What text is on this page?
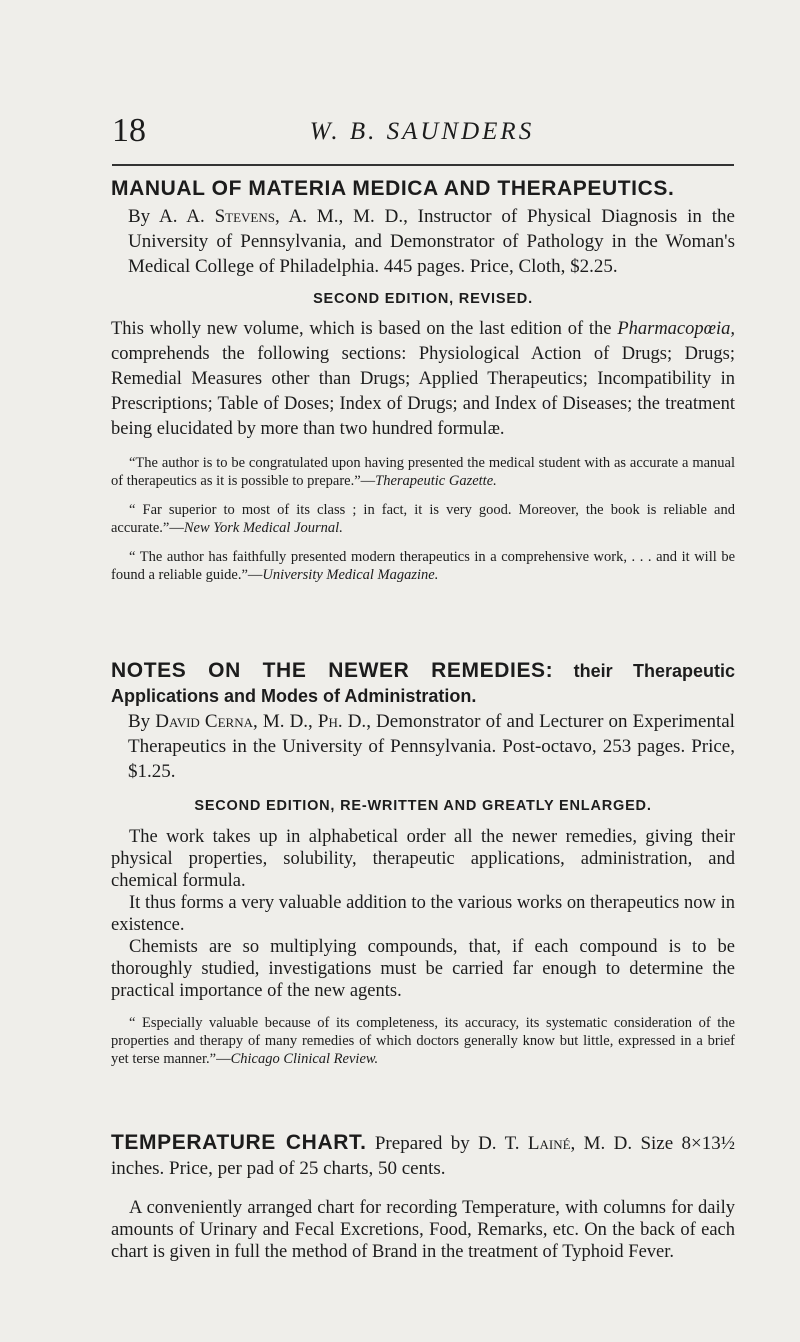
18	W. B. SAUNDERS

MANUAL OF MATERIA MEDICA AND THERAPEUTICS.
By A. A. Stevens, A. M., M. D., Instructor of Physical Diagnosis in the University of Pennsylvania, and Demonstrator of Pathology in the Woman's Medical College of Philadelphia. 445 pages. Price, Cloth, $2.25.

SECOND EDITION, REVISED.

This wholly new volume, which is based on the last edition of the Pharmacopœia, comprehends the following sections: Physiological Action of Drugs; Drugs; Remedial Measures other than Drugs; Applied Therapeutics; Incompatibility in Prescriptions; Table of Doses; Index of Drugs; and Index of Diseases; the treatment being elucidated by more than two hundred formulæ.

“The author is to be congratulated upon having presented the medical student with as accurate a manual of therapeutics as it is possible to prepare.”—Therapeutic Gazette.

“ Far superior to most of its class ; in fact, it is very good. Moreover, the book is reliable and accurate.”—New York Medical Journal.

“ The author has faithfully presented modern therapeutics in a comprehensive work, . . . and it will be found a reliable guide.”—University Medical Magazine.

NOTES ON THE NEWER REMEDIES: their Therapeutic Applications and Modes of Administration.
By David Cerna, M. D., Ph. D., Demonstrator of and Lecturer on Experimental Therapeutics in the University of Pennsylvania. Post-octavo, 253 pages. Price, $1.25.

SECOND EDITION, RE-WRITTEN AND GREATLY ENLARGED.

The work takes up in alphabetical order all the newer remedies, giving their physical properties, solubility, therapeutic applications, administration, and chemical formula.

It thus forms a very valuable addition to the various works on therapeutics now in existence.

Chemists are so multiplying compounds, that, if each compound is to be thoroughly studied, investigations must be carried far enough to determine the practical importance of the new agents.

“ Especially valuable because of its completeness, its accuracy, its systematic consideration of the properties and therapy of many remedies of which doctors generally know but little, expressed in a brief yet terse manner.”—Chicago Clinical Review.

TEMPERATURE CHART. Prepared by D. T. Lainé, M. D. Size 8×13½ inches. Price, per pad of 25 charts, 50 cents.

A conveniently arranged chart for recording Temperature, with columns for daily amounts of Urinary and Fecal Excretions, Food, Remarks, etc. On the back of each chart is given in full the method of Brand in the treatment of Typhoid Fever.
